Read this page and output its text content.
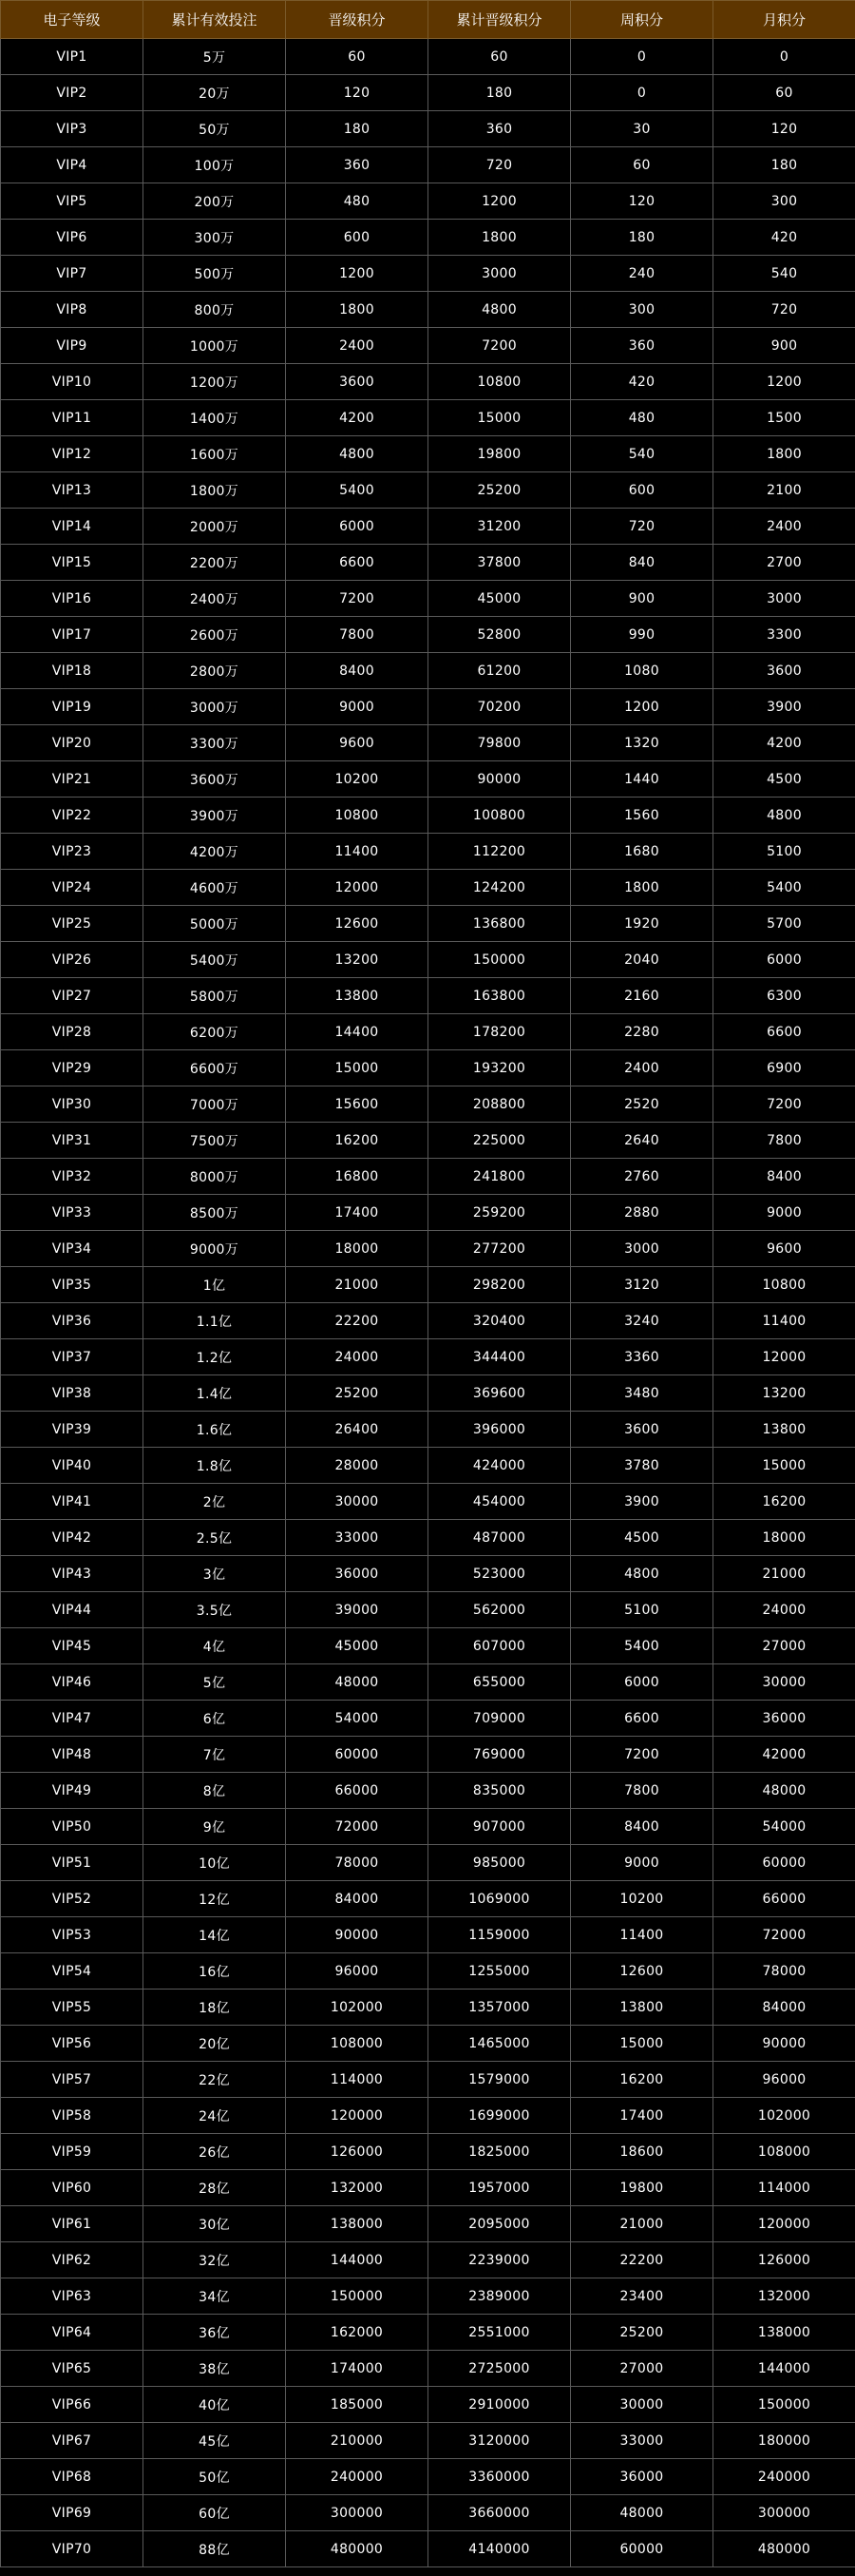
电子等级	累计有效投注	晋级积分	累计晋级积分	周积分	月积分
VIP1	5万	60	60	0	0
VIP2	20万	120	180	0	60
VIP3	50万	180	360	30	120
VIP4	100万	360	720	60	180
VIP5	200万	480	1200	120	300
VIP6	300万	600	1800	180	420
VIP7	500万	1200	3000	240	540
VIP8	800万	1800	4800	300	720
VIP9	1000万	2400	7200	360	900
VIP10	1200万	3600	10800	420	1200
VIP11	1400万	4200	15000	480	1500
VIP12	1600万	4800	19800	540	1800
VIP13	1800万	5400	25200	600	2100
VIP14	2000万	6000	31200	720	2400
VIP15	2200万	6600	37800	840	2700
VIP16	2400万	7200	45000	900	3000
VIP17	2600万	7800	52800	990	3300
VIP18	2800万	8400	61200	1080	3600
VIP19	3000万	9000	70200	1200	3900
VIP20	3300万	9600	79800	1320	4200
VIP21	3600万	10200	90000	1440	4500
VIP22	3900万	10800	100800	1560	4800
VIP23	4200万	11400	112200	1680	5100
VIP24	4600万	12000	124200	1800	5400
VIP25	5000万	12600	136800	1920	5700
VIP26	5400万	13200	150000	2040	6000
VIP27	5800万	13800	163800	2160	6300
VIP28	6200万	14400	178200	2280	6600
VIP29	6600万	15000	193200	2400	6900
VIP30	7000万	15600	208800	2520	7200
VIP31	7500万	16200	225000	2640	7800
VIP32	8000万	16800	241800	2760	8400
VIP33	8500万	17400	259200	2880	9000
VIP34	9000万	18000	277200	3000	9600
VIP35	1亿	21000	298200	3120	10800
VIP36	1.1亿	22200	320400	3240	11400
VIP37	1.2亿	24000	344400	3360	12000
VIP38	1.4亿	25200	369600	3480	13200
VIP39	1.6亿	26400	396000	3600	13800
VIP40	1.8亿	28000	424000	3780	15000
VIP41	2亿	30000	454000	3900	16200
VIP42	2.5亿	33000	487000	4500	18000
VIP43	3亿	36000	523000	4800	21000
VIP44	3.5亿	39000	562000	5100	24000
VIP45	4亿	45000	607000	5400	27000
VIP46	5亿	48000	655000	6000	30000
VIP47	6亿	54000	709000	6600	36000
VIP48	7亿	60000	769000	7200	42000
VIP49	8亿	66000	835000	7800	48000
VIP50	9亿	72000	907000	8400	54000
VIP51	10亿	78000	985000	9000	60000
VIP52	12亿	84000	1069000	10200	66000
VIP53	14亿	90000	1159000	11400	72000
VIP54	16亿	96000	1255000	12600	78000
VIP55	18亿	102000	1357000	13800	84000
VIP56	20亿	108000	1465000	15000	90000
VIP57	22亿	114000	1579000	16200	96000
VIP58	24亿	120000	1699000	17400	102000
VIP59	26亿	126000	1825000	18600	108000
VIP60	28亿	132000	1957000	19800	114000
VIP61	30亿	138000	2095000	21000	120000
VIP62	32亿	144000	2239000	22200	126000
VIP63	34亿	150000	2389000	23400	132000
VIP64	36亿	162000	2551000	25200	138000
VIP65	38亿	174000	2725000	27000	144000
VIP66	40亿	185000	2910000	30000	150000
VIP67	45亿	210000	3120000	33000	180000
VIP68	50亿	240000	3360000	36000	240000
VIP69	60亿	300000	3660000	48000	300000
VIP70	88亿	480000	4140000	60000	480000
